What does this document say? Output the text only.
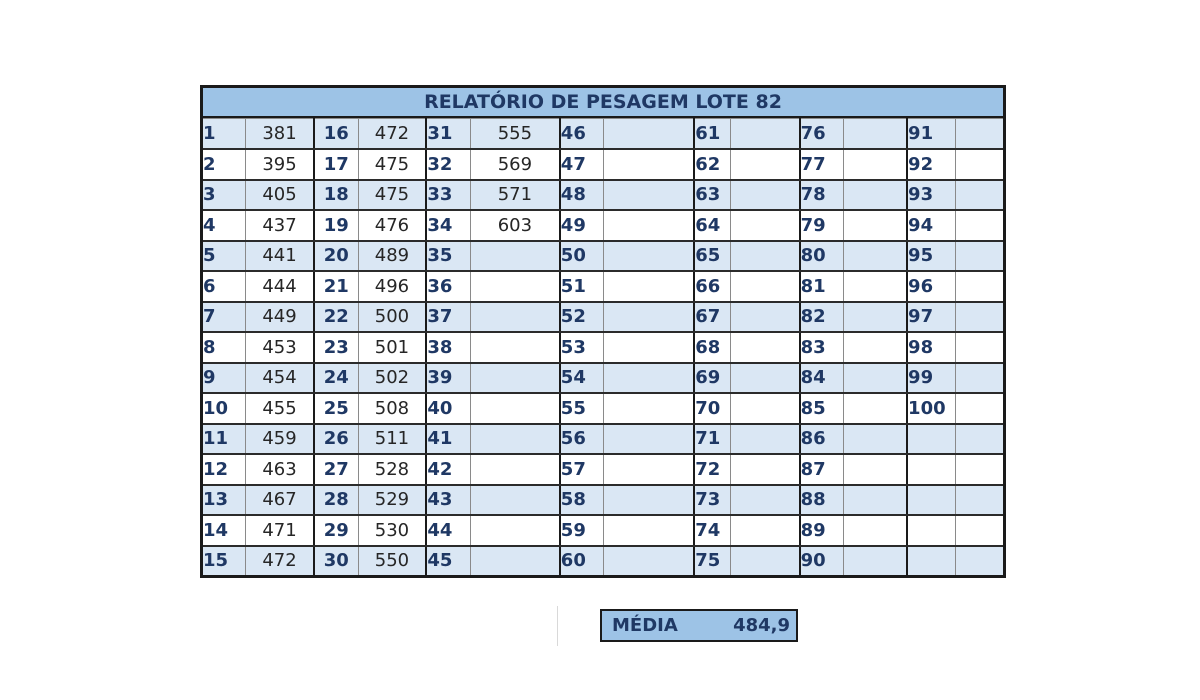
RELATÓRIO DE PESAGEM LOTE 82
1	381	16	472	31	555	46		61		76		91	
2	395	17	475	32	569	47		62		77		92	
3	405	18	475	33	571	48		63		78		93	
4	437	19	476	34	603	49		64		79		94	
5	441	20	489	35		50		65		80		95	
6	444	21	496	36		51		66		81		96	
7	449	22	500	37		52		67		82		97	
8	453	23	501	38		53		68		83		98	
9	454	24	502	39		54		69		84		99	
10	455	25	508	40		55		70		85		100	
11	459	26	511	41		56		71		86			
12	463	27	528	42		57		72		87			
13	467	28	529	43		58		73		88			
14	471	29	530	44		59		74		89			
15	472	30	550	45		60		75		90			
MÉDIA	484,9
